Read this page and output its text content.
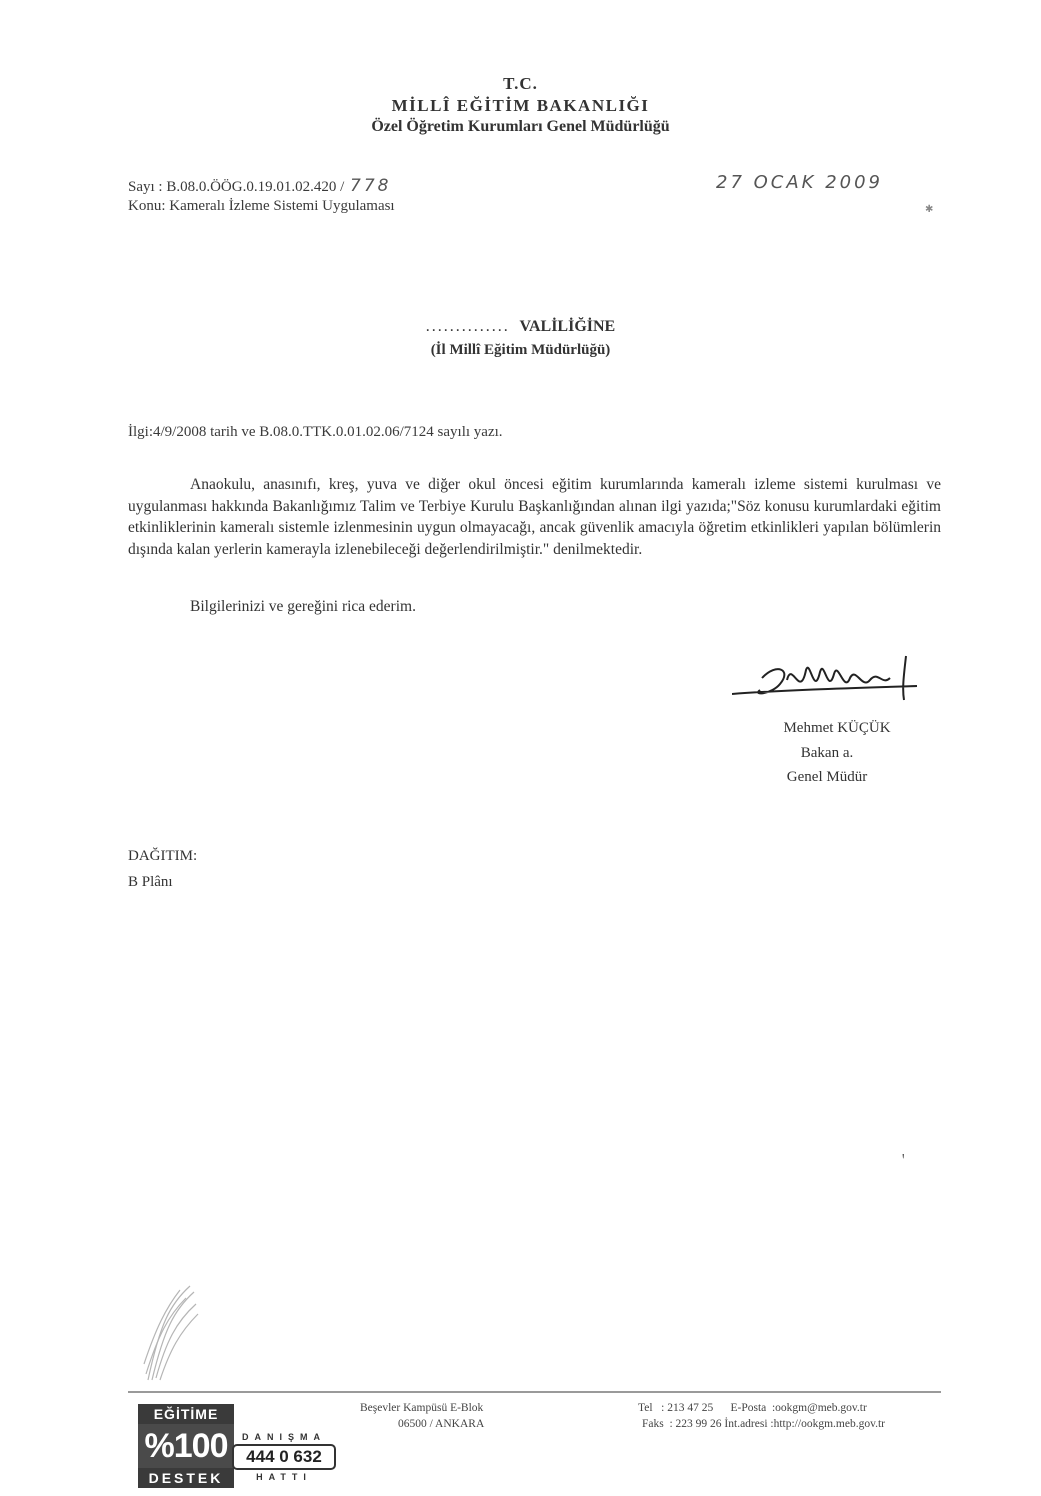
T.C.
MİLLÎ EĞİTİM BAKANLIĞI
Özel Öğretim Kurumları Genel Müdürlüğü
Sayı : B.08.0.ÖÖG.0.19.01.02.420 / 778
Konu: Kameralı İzleme Sistemi Uygulaması
27 OCAK 2009
✱
.............. VALİLİĞİNE
(İl Millî Eğitim Müdürlüğü)
İlgi:4/9/2008 tarih ve B.08.0.TTK.0.01.02.06/7124 sayılı yazı.
Anaokulu, anasınıfı, kreş, yuva ve diğer okul öncesi eğitim kurumlarında kameralı izleme sistemi kurulması ve uygulanması hakkında Bakanlığımız Talim ve Terbiye Kurulu Başkanlığından alınan ilgi yazıda;"Söz konusu kurumlardaki eğitim etkinliklerinin kameralı sistemle izlenmesinin uygun olmayacağı, ancak güvenlik amacıyla öğretim etkinlikleri yapılan bölümlerin dışında kalan yerlerin kamerayla izlenebileceği değerlendirilmiştir." denilmektedir.
Bilgilerinizi ve gereğini rica ederim.
Mehmet KÜÇÜK
Bakan a.
Genel Müdür
DAĞITIM:
B Plânı
ꞌ
EĞİTİME
%100
DESTEK
DANIŞMA
444 0 632
HATTI
Beşevler Kampüsü E-Blok
06500 / ANKARA
Tel   : 213 47 25      E-Posta  :ookgm@meb.gov.tr
Faks  : 223 99 26 İnt.adresi :http://ookgm.meb.gov.tr
